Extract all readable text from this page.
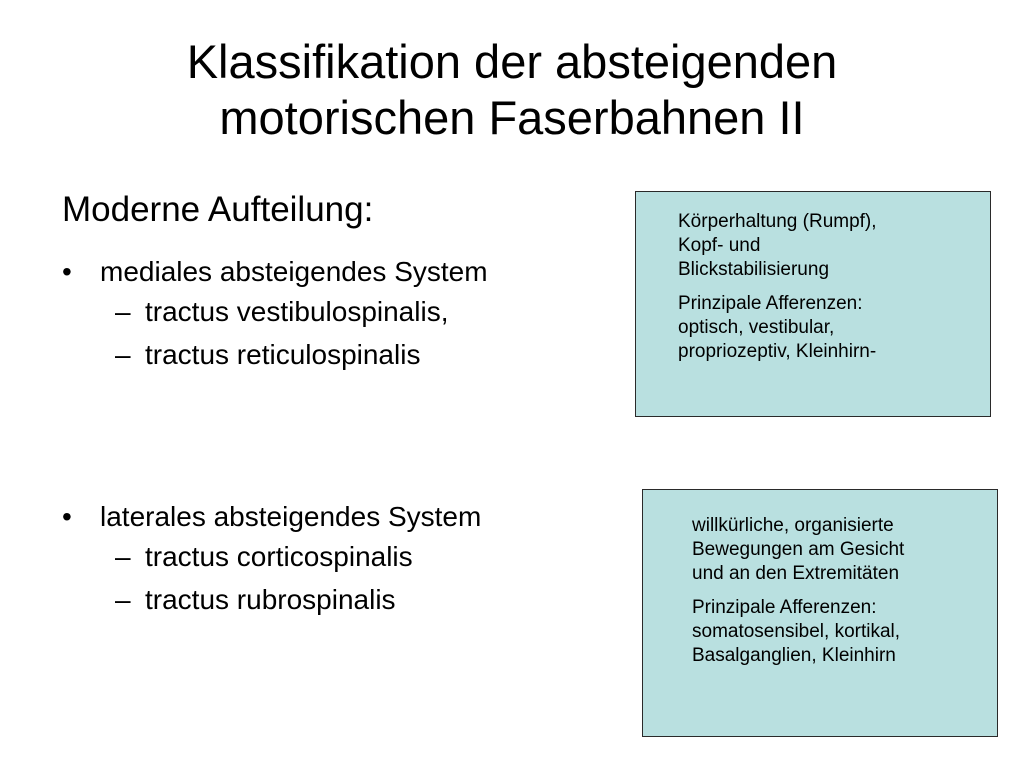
Klassifikation der absteigenden
motorischen Faserbahnen II
Moderne Aufteilung:
•	mediales absteigendes System
– tractus vestibulospinalis,
– tractus reticulospinalis
•	laterales absteigendes System
– tractus corticospinalis
– tractus rubrospinalis

Körperhaltung (Rumpf),
Kopf- und
Blickstabilisierung

Prinzipale Afferenzen:
optisch, vestibular,
propriozeptiv, Kleinhirn-

willkürliche, organisierte
Bewegungen am Gesicht
und an den Extremitäten

Prinzipale Afferenzen:
somatosensibel, kortikal,
Basalganglien, Kleinhirn
